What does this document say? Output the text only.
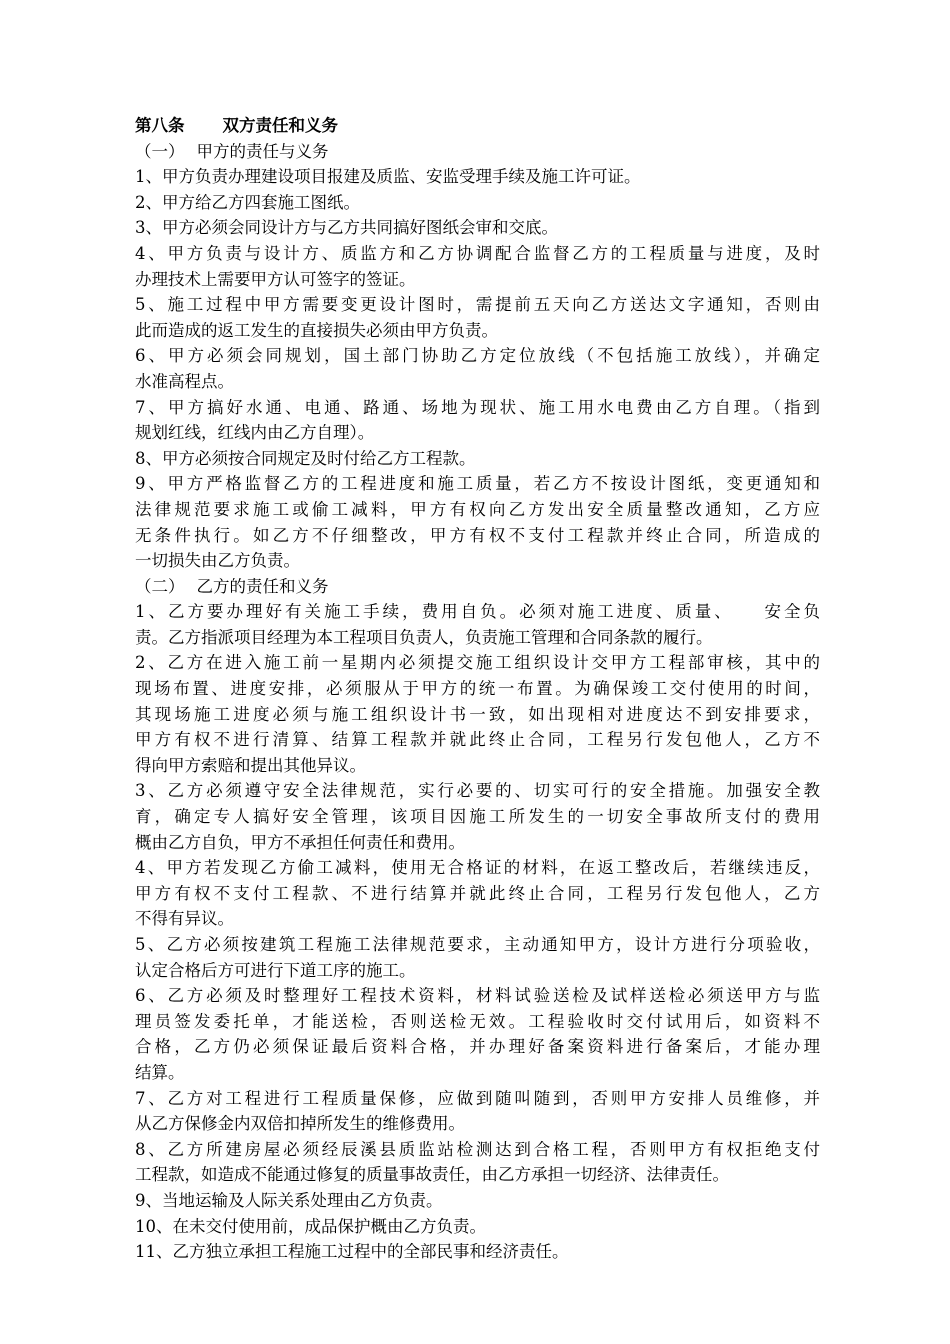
第八条 双方责任和义务
（一） 甲方的责任与义务
1、甲方负责办理建设项目报建及质监、安监受理手续及施工许可证。
2、甲方给乙方四套施工图纸。
3、甲方必须会同设计方与乙方共同搞好图纸会审和交底。
4、甲方负责与设计方、质监方和乙方协调配合监督乙方的工程质量与进度，及时
办理技术上需要甲方认可签字的签证。
5、施工过程中甲方需要变更设计图时，需提前五天向乙方送达文字通知，否则由
此而造成的返工发生的直接损失必须由甲方负责。
6、甲方必须会同规划，国土部门协助乙方定位放线（不包括施工放线），并确定
水准高程点。
7、甲方搞好水通、电通、路通、场地为现状、施工用水电费由乙方自理。（指到
规划红线，红线内由乙方自理）。
8、甲方必须按合同规定及时付给乙方工程款。
9、甲方严格监督乙方的工程进度和施工质量，若乙方不按设计图纸，变更通知和
法律规范要求施工或偷工减料，甲方有权向乙方发出安全质量整改通知，乙方应
无条件执行。如乙方不仔细整改，甲方有权不支付工程款并终止合同，所造成的
一切损失由乙方负责。
（二） 乙方的责任和义务
1、乙方要办理好有关施工手续，费用自负。必须对施工进度、质量、　　安全负
责。乙方指派项目经理为本工程项目负责人，负责施工管理和合同条款的履行。
2、乙方在进入施工前一星期内必须提交施工组织设计交甲方工程部审核，其中的
现场布置、进度安排，必须服从于甲方的统一布置。为确保竣工交付使用的时间，
其现场施工进度必须与施工组织设计书一致，如出现相对进度达不到安排要求，
甲方有权不进行清算、结算工程款并就此终止合同，工程另行发包他人，乙方不
得向甲方索赔和提出其他异议。
3、乙方必须遵守安全法律规范，实行必要的、切实可行的安全措施。加强安全教
育，确定专人搞好安全管理，该项目因施工所发生的一切安全事故所支付的费用
概由乙方自负，甲方不承担任何责任和费用。
4、甲方若发现乙方偷工减料，使用无合格证的材料，在返工整改后，若继续违反，
甲方有权不支付工程款、不进行结算并就此终止合同，工程另行发包他人，乙方
不得有异议。
5、乙方必须按建筑工程施工法律规范要求，主动通知甲方，设计方进行分项验收，
认定合格后方可进行下道工序的施工。
6、乙方必须及时整理好工程技术资料，材料试验送检及试样送检必须送甲方与监
理员签发委托单，才能送检，否则送检无效。工程验收时交付试用后，如资料不
合格，乙方仍必须保证最后资料合格，并办理好备案资料进行备案后，才能办理
结算。
7、乙方对工程进行工程质量保修，应做到随叫随到，否则甲方安排人员维修，并
从乙方保修金内双倍扣掉所发生的维修费用。
8、乙方所建房屋必须经辰溪县质监站检测达到合格工程，否则甲方有权拒绝支付
工程款，如造成不能通过修复的质量事故责任，由乙方承担一切经济、法律责任。
9、当地运输及人际关系处理由乙方负责。
10、在未交付使用前，成品保护概由乙方负责。
11、乙方独立承担工程施工过程中的全部民事和经济责任。
